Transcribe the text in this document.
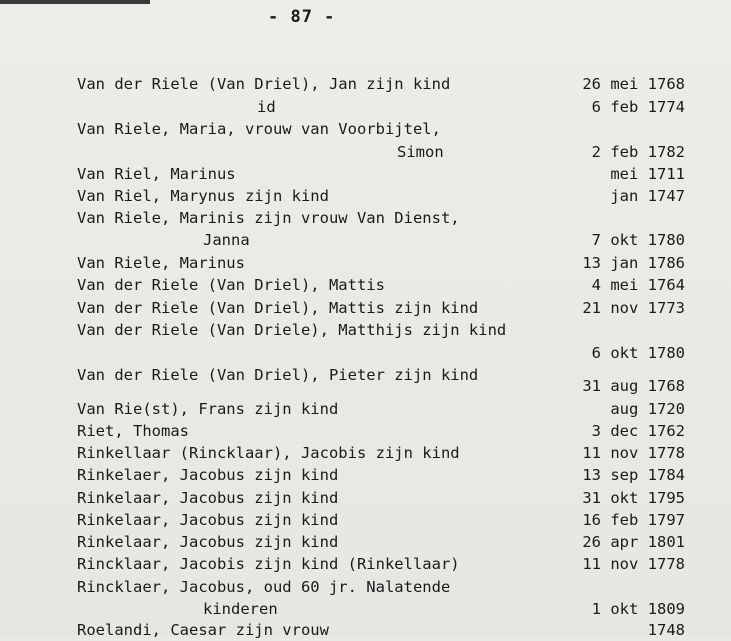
- 87 -
Van der Riele (Van Driel), Jan zijn kind	26 mei 1768
id	6 feb 1774
Van Riele, Maria, vrouw van Voorbijtel,
Simon	2 feb 1782
Van Riel, Marinus	mei 1711
Van Riel, Marynus zijn kind	jan 1747
Van Riele, Marinis zijn vrouw Van Dienst,
Janna	7 okt 1780
Van Riele, Marinus	13 jan 1786
Van der Riele (Van Driel), Mattis	4 mei 1764
Van der Riele (Van Driel), Mattis zijn kind	21 nov 1773
Van der Riele (Van Driele), Matthijs zijn kind
6 okt 1780
Van der Riele (Van Driel), Pieter zijn kind
31 aug 1768
Van Rie(st), Frans zijn kind	aug 1720
Riet, Thomas	3 dec 1762
Rinkellaar (Rincklaar), Jacobis zijn kind	11 nov 1778
Rinkelaer, Jacobus zijn kind	13 sep 1784
Rinkelaar, Jacobus zijn kind	31 okt 1795
Rinkelaar, Jacobus zijn kind	16 feb 1797
Rinkelaar, Jacobus zijn kind	26 apr 1801
Rincklaar, Jacobis zijn kind (Rinkellaar)	11 nov 1778
Rincklaer, Jacobus, oud 60 jr. Nalatende
kinderen	1 okt 1809
Roelandi, Caesar zijn vrouw	1748
